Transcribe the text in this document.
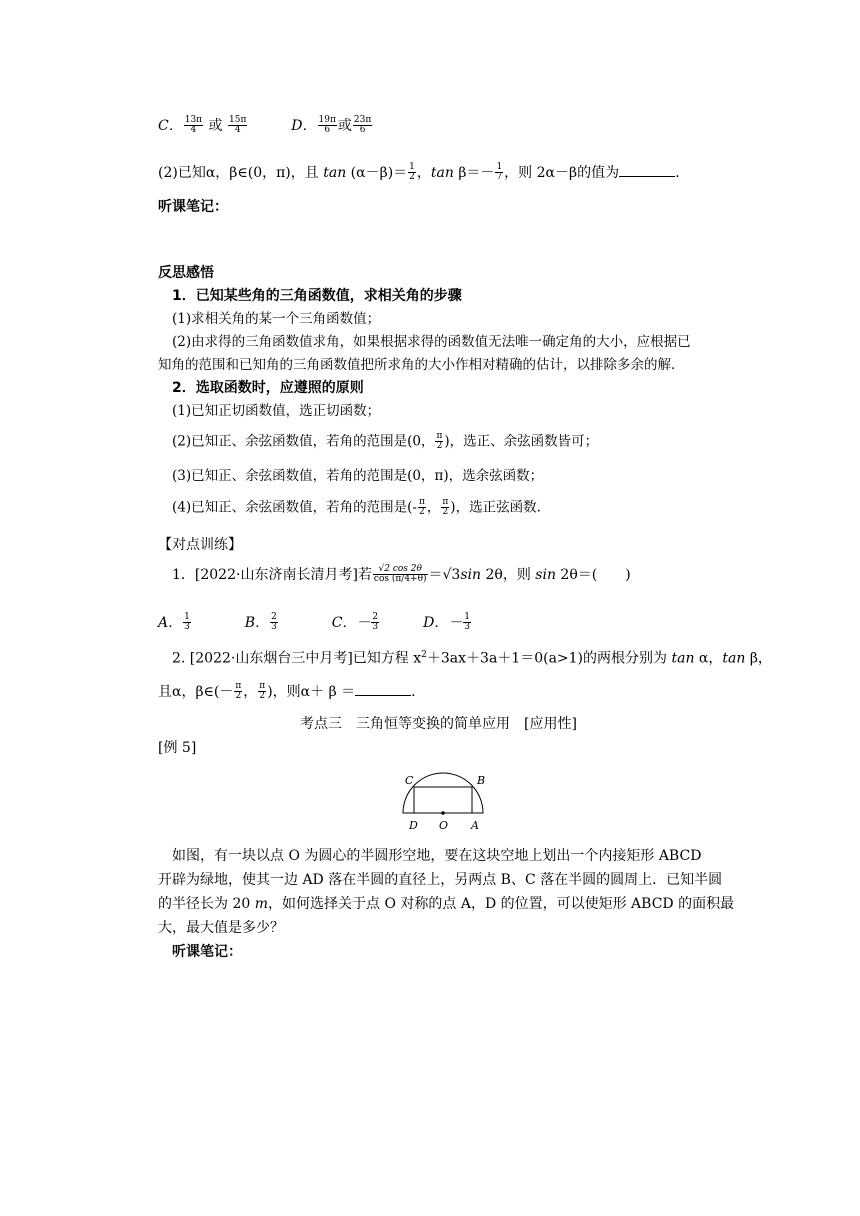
C． $\frac{13\pi}{4}$ 或 $\frac{15\pi}{4}$	D． $\frac{19\pi}{6}$ 或 $\frac{23\pi}{6}$
(2)已知α，β∈(0，π)，且 $\tan (\alpha-\beta)= \frac{1}{2}$ ，$\tan \beta=- \frac{1}{7}$ ，则 2α－β的值为	.
听课笔记：
反思感悟
1．已知某些角的三角函数值，求相关角的步骤
(1)求相关角的某一个三角函数值；
(2)由求得的三角函数值求角，如果根据求得的函数值无法唯一确定角的大小，应根据已
知角的范围和已知角的三角函数值把所求角的大小作相对精确的估计，以排除多余的解．
2．选取函数时，应遵照的原则
(1)已知正切函数值，选正切函数；
(2)已知正、余弦函数值，若角的范围是(0， $\frac{\pi}{2}$ )，选正、余弦函数皆可；
(3)已知正、余弦函数值，若角的范围是(0，π)，选余弦函数；
(4)已知正、余弦函数值，若角的范围是(- $\frac{\pi}{2}$ ， $\frac{\pi}{2}$ )，选正弦函数．
【对点训练】
1．[2022·山东济南长清月考]若 $\frac{√2 \cos 2\theta}{\cos (\pi/4+\theta)} =√3\sin$ 2θ，则 sin 2θ＝(　　)
A． $\frac{1}{3}$	B． $\frac{2}{3}$	C．－ $\frac{2}{3}$	D．－ $\frac{1}{3}$
2. [2022·山东烟台三中月考]已知方程 $x^2+3ax+3a+1=0(a>1)$的两根分别为 tan α，tan β，
且α，β∈(－ $\frac{\pi}{2}$ ， $\frac{\pi}{2}$ )，则α＋ β ＝	.
考点三　三角恒等变换的简单应用　[应用性]
[例 5]
C	B
D O A
如图，有一块以点 O 为圆心的半圆形空地，要在这块空地上划出一个内接矩形 ABCD
开辟为绿地，使其一边 AD 落在半圆的直径上，另两点 B、C 落在半圆的圆周上．已知半圆
的半径长为 20 m，如何选择关于点 O 对称的点 A，D 的位置，可以使矩形 ABCD 的面积最
大，最大值是多少？
听课笔记：
